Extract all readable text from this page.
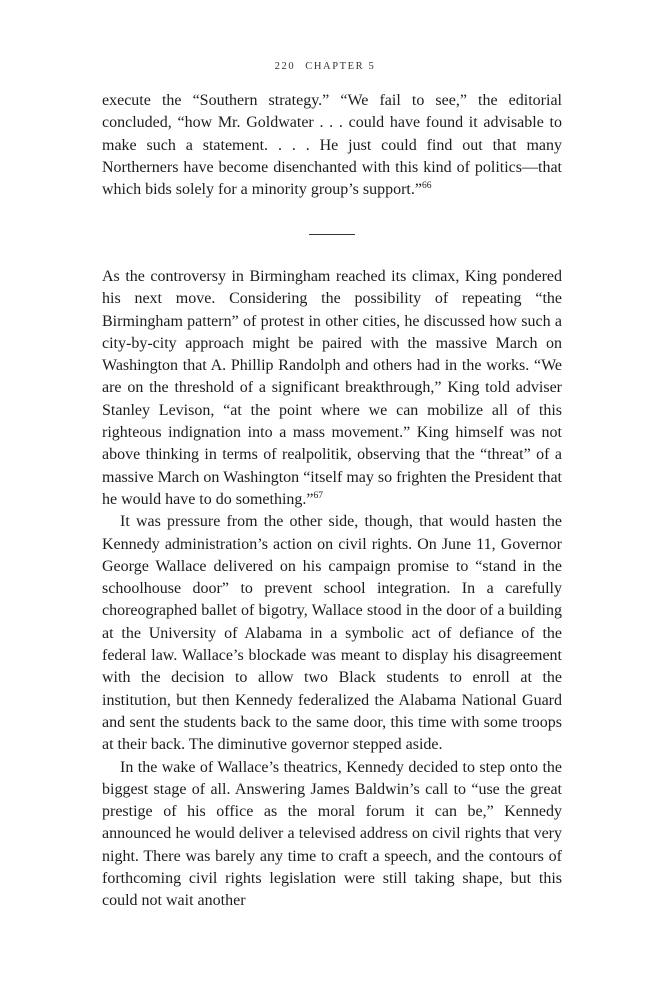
220 CHAPTER 5

execute the “Southern strategy.” “We fail to see,” the editorial concluded, “how Mr. Goldwater . . . could have found it advisable to make such a statement. . . . He just could find out that many Northerners have become disenchanted with this kind of politics—that which bids solely for a minority group’s support.”$^{66}$

As the controversy in Birmingham reached its climax, King pondered his next move. Considering the possibility of repeating “the Birmingham pattern” of protest in other cities, he discussed how such a city-by-city approach might be paired with the massive March on Washington that A. Phillip Randolph and others had in the works. “We are on the threshold of a significant breakthrough,” King told adviser Stanley Levison, “at the point where we can mobilize all of this righteous indignation into a mass movement.” King himself was not above thinking in terms of realpolitik, observing that the “threat” of a massive March on Washington “itself may so frighten the President that he would have to do something.”$^{67}$

It was pressure from the other side, though, that would hasten the Kennedy administration’s action on civil rights. On June 11, Governor George Wallace delivered on his campaign promise to “stand in the schoolhouse door” to prevent school integration. In a carefully choreographed ballet of bigotry, Wallace stood in the door of a building at the University of Alabama in a symbolic act of defiance of the federal law. Wallace’s blockade was meant to display his disagreement with the decision to allow two Black students to enroll at the institution, but then Kennedy federalized the Alabama National Guard and sent the students back to the same door, this time with some troops at their back. The diminutive governor stepped aside.

In the wake of Wallace’s theatrics, Kennedy decided to step onto the biggest stage of all. Answering James Baldwin’s call to “use the great prestige of his office as the moral forum it can be,” Kennedy announced he would deliver a televised address on civil rights that very night. There was barely any time to craft a speech, and the contours of forthcoming civil rights legislation were still taking shape, but this could not wait another
